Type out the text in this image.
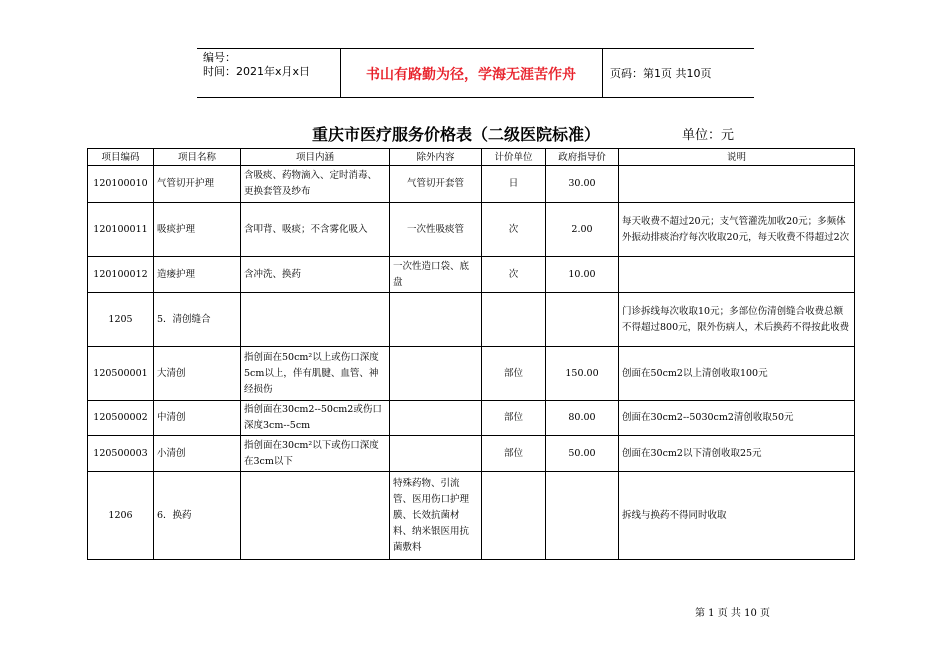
编号：
时间：2021年x月x日	书山有路勤为径，学海无涯苦作舟	页码：第1页 共10页
重庆市医疗服务价格表（二级医院标准）	单位：元
项目编码	项目名称	项目内涵	除外内容	计价单位	政府指导价	说明
120100010	气管切开护理	含吸痰、药物滴入、定时消毒、更换套管及纱布	气管切开套管	日	30.00	
120100011	吸痰护理	含叩背、吸痰；不含雾化吸入	一次性吸痰管	次	2.00	每天收费不超过20元；支气管灌洗加收20元；多频体外振动排痰治疗每次收取20元，每天收费不得超过2次
120100012	造瘘护理	含冲洗、换药	一次性造口袋、底盘	次	10.00	
1205	5．清创缝合					门诊拆线每次收取10元；多部位伤清创缝合收费总额不得超过800元，限外伤病人，术后换药不得按此收费
120500001	大清创	指创面在50cm²以上或伤口深度5cm以上，伴有肌腱、血管、神经损伤		部位	150.00	创面在50cm2以上清创收取100元
120500002	中清创	指创面在30cm2--50cm2或伤口深度3cm--5cm		部位	80.00	创面在30cm2--5030cm2清创收取50元
120500003	小清创	指创面在30cm²以下或伤口深度在3cm以下		部位	50.00	创面在30cm2以下清创收取25元
1206	6．换药		特殊药物、引流管、医用伤口护理膜、长效抗菌材料、纳米银医用抗菌敷料			拆线与换药不得同时收取
第 1 页 共 10 页
